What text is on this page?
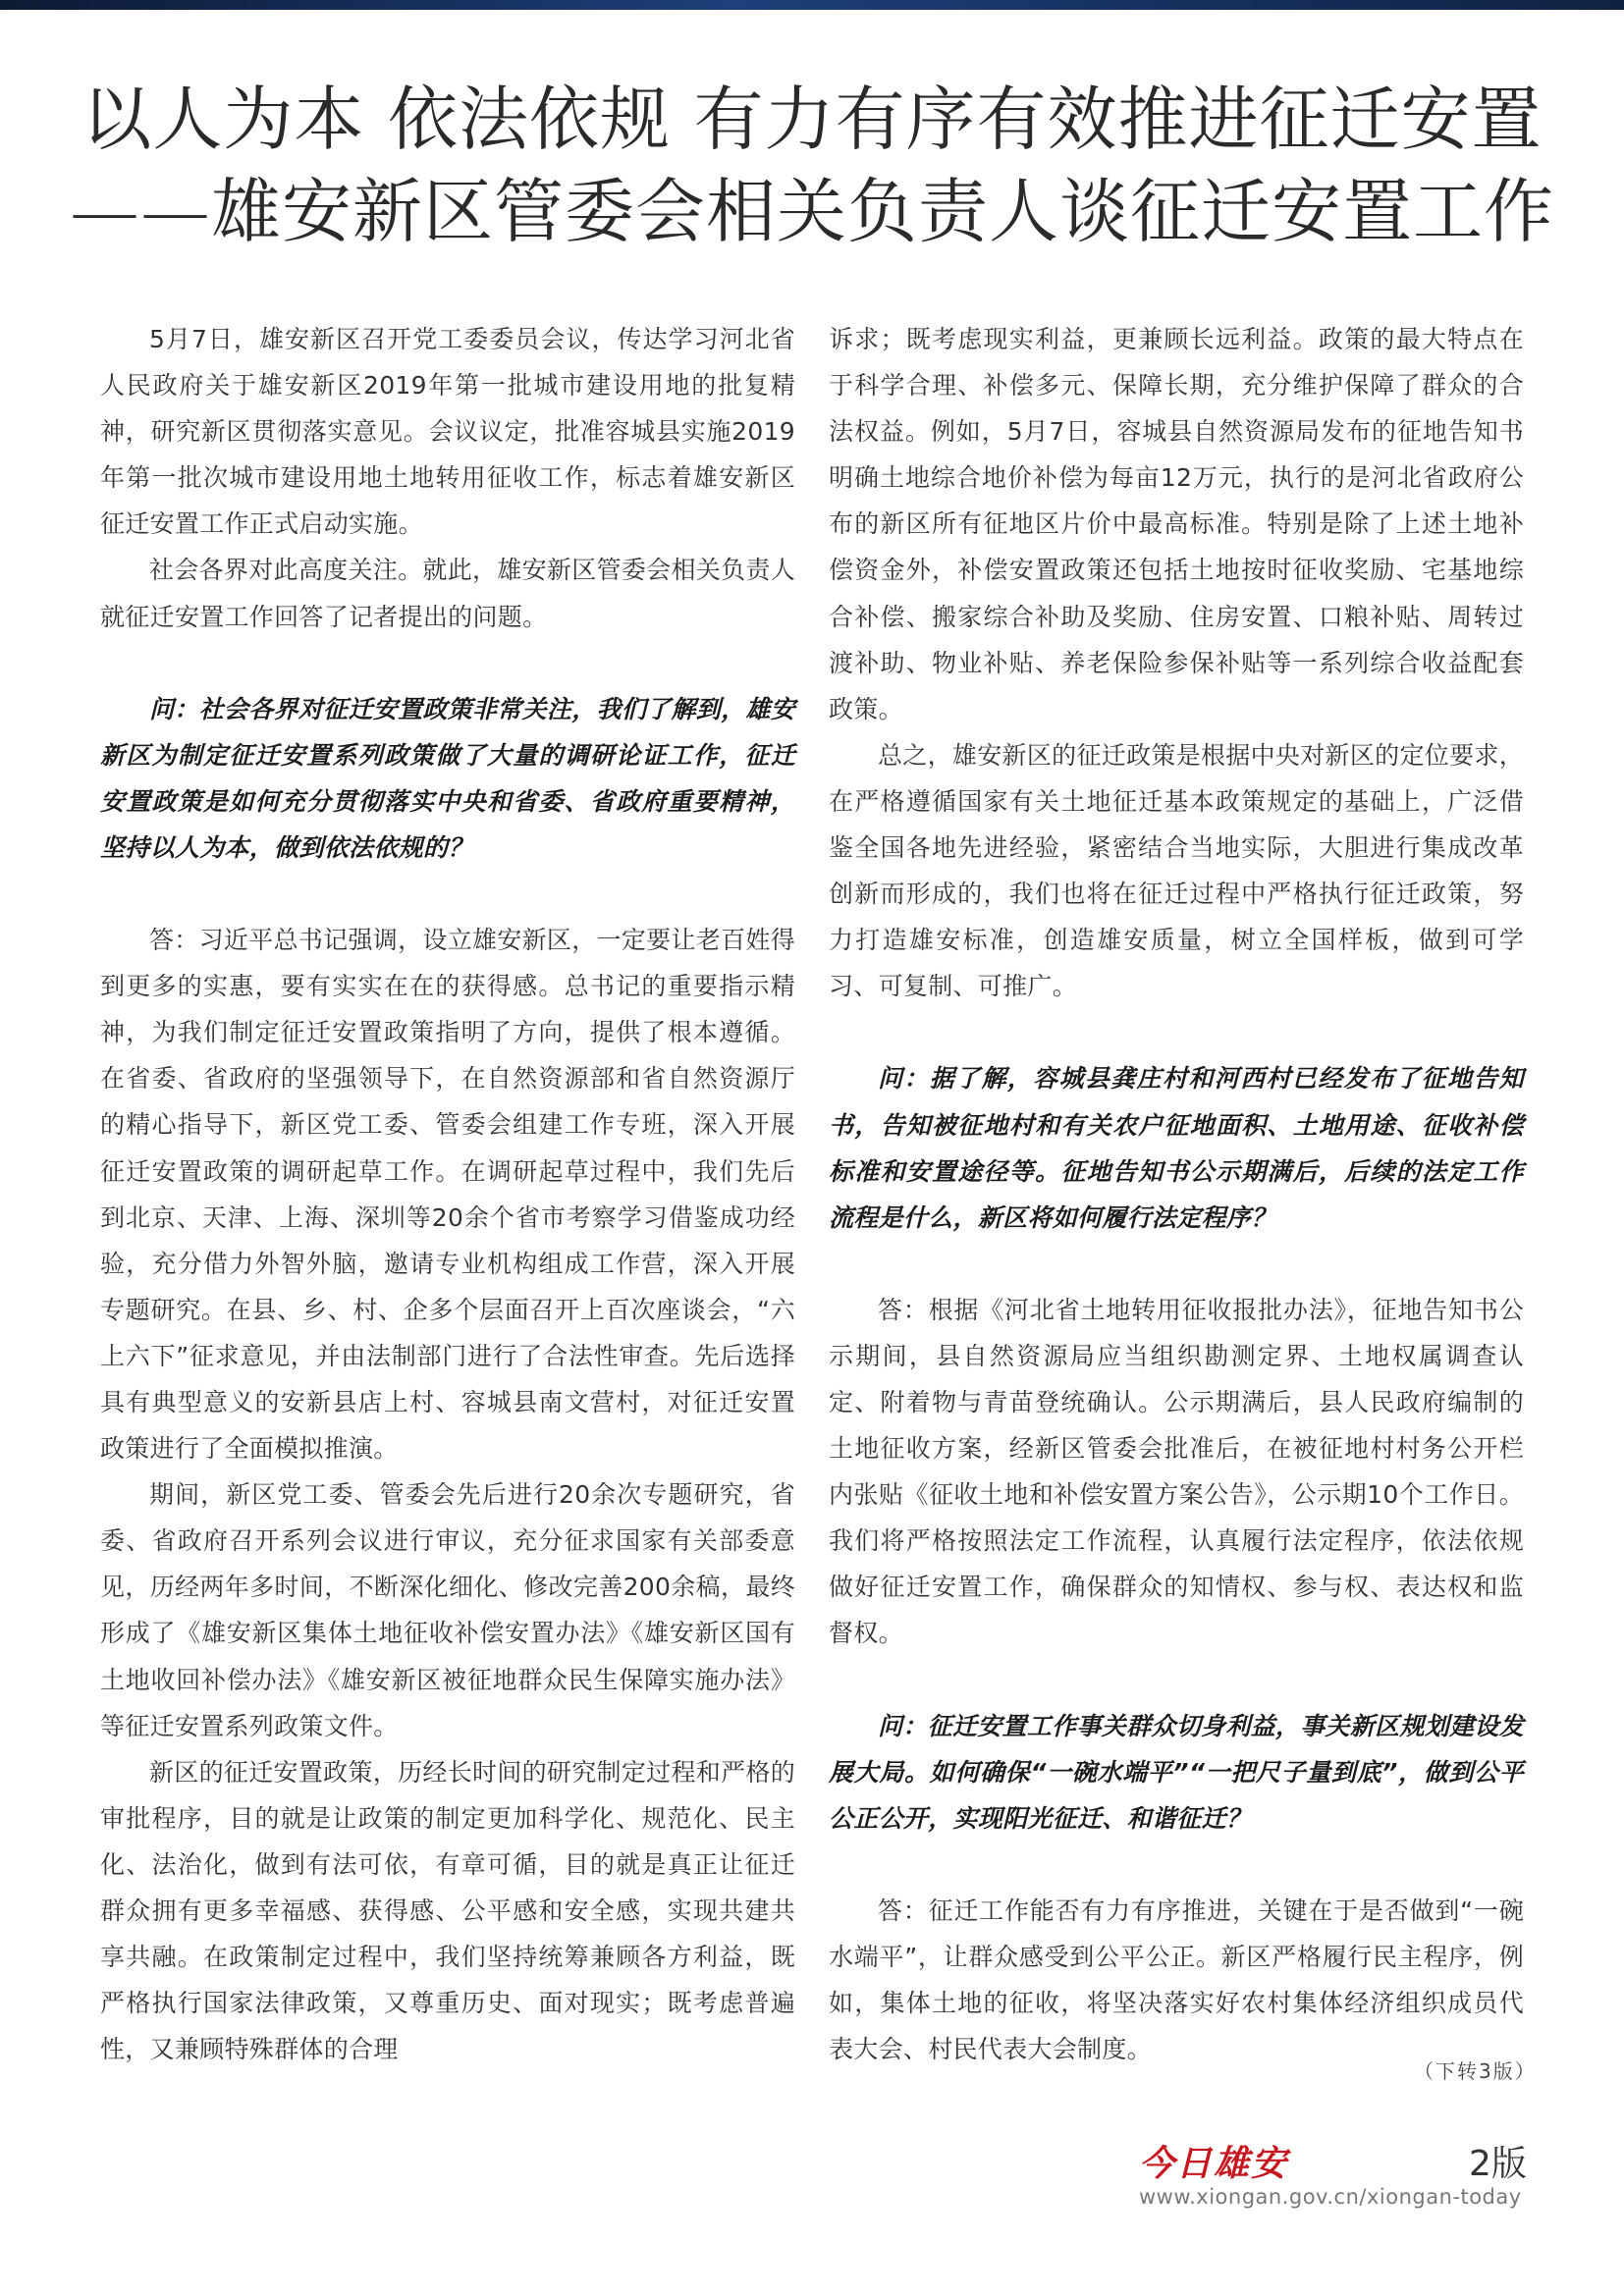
以人为本 依法依规 有力有序有效推进征迁安置
——雄安新区管委会相关负责人谈征迁安置工作

5月7日，雄安新区召开党工委委员会议，传达学习河北省人民政府关于雄安新区2019年第一批城市建设用地的批复精神，研究新区贯彻落实意见。会议议定，批准容城县实施2019年第一批次城市建设用地土地转用征收工作，标志着雄安新区征迁安置工作正式启动实施。

社会各界对此高度关注。就此，雄安新区管委会相关负责人就征迁安置工作回答了记者提出的问题。

问：社会各界对征迁安置政策非常关注，我们了解到，雄安新区为制定征迁安置系列政策做了大量的调研论证工作，征迁安置政策是如何充分贯彻落实中央和省委、省政府重要精神，坚持以人为本，做到依法依规的？

答：习近平总书记强调，设立雄安新区，一定要让老百姓得到更多的实惠，要有实实在在的获得感。总书记的重要指示精神，为我们制定征迁安置政策指明了方向，提供了根本遵循。在省委、省政府的坚强领导下，在自然资源部和省自然资源厅的精心指导下，新区党工委、管委会组建工作专班，深入开展征迁安置政策的调研起草工作。在调研起草过程中，我们先后到北京、天津、上海、深圳等20余个省市考察学习借鉴成功经验，充分借力外智外脑，邀请专业机构组成工作营，深入开展专题研究。在县、乡、村、企多个层面召开上百次座谈会，“六上六下”征求意见，并由法制部门进行了合法性审查。先后选择具有典型意义的安新县店上村、容城县南文营村，对征迁安置政策进行了全面模拟推演。

期间，新区党工委、管委会先后进行20余次专题研究，省委、省政府召开系列会议进行审议，充分征求国家有关部委意见，历经两年多时间，不断深化细化、修改完善200余稿，最终形成了《雄安新区集体土地征收补偿安置办法》《雄安新区国有土地收回补偿办法》《雄安新区被征地群众民生保障实施办法》等征迁安置系列政策文件。

新区的征迁安置政策，历经长时间的研究制定过程和严格的审批程序，目的就是让政策的制定更加科学化、规范化、民主化、法治化，做到有法可依，有章可循，目的就是真正让征迁群众拥有更多幸福感、获得感、公平感和安全感，实现共建共享共融。在政策制定过程中，我们坚持统筹兼顾各方利益，既严格执行国家法律政策，又尊重历史、面对现实；既考虑普遍性，又兼顾特殊群体的合理

诉求；既考虑现实利益，更兼顾长远利益。政策的最大特点在于科学合理、补偿多元、保障长期，充分维护保障了群众的合法权益。例如，5月7日，容城县自然资源局发布的征地告知书明确土地综合地价补偿为每亩12万元，执行的是河北省政府公布的新区所有征地区片价中最高标准。特别是除了上述土地补偿资金外，补偿安置政策还包括土地按时征收奖励、宅基地综合补偿、搬家综合补助及奖励、住房安置、口粮补贴、周转过渡补助、物业补贴、养老保险参保补贴等一系列综合收益配套政策。

总之，雄安新区的征迁政策是根据中央对新区的定位要求，在严格遵循国家有关土地征迁基本政策规定的基础上，广泛借鉴全国各地先进经验，紧密结合当地实际，大胆进行集成改革创新而形成的，我们也将在征迁过程中严格执行征迁政策，努力打造雄安标准，创造雄安质量，树立全国样板，做到可学习、可复制、可推广。

问：据了解，容城县龚庄村和河西村已经发布了征地告知书，告知被征地村和有关农户征地面积、土地用途、征收补偿标准和安置途径等。征地告知书公示期满后，后续的法定工作流程是什么，新区将如何履行法定程序？

答：根据《河北省土地转用征收报批办法》，征地告知书公示期间，县自然资源局应当组织勘测定界、土地权属调查认定、附着物与青苗登统确认。公示期满后，县人民政府编制的土地征收方案，经新区管委会批准后，在被征地村村务公开栏内张贴《征收土地和补偿安置方案公告》，公示期10个工作日。我们将严格按照法定工作流程，认真履行法定程序，依法依规做好征迁安置工作，确保群众的知情权、参与权、表达权和监督权。

问：征迁安置工作事关群众切身利益，事关新区规划建设发展大局。如何确保“一碗水端平”“一把尺子量到底”，做到公平公正公开，实现阳光征迁、和谐征迁？

答：征迁工作能否有力有序推进，关键在于是否做到“一碗水端平”，让群众感受到公平公正。新区严格履行民主程序，例如，集体土地的征收，将坚决落实好农村集体经济组织成员代表大会、村民代表大会制度。

（下转3版）
今日雄安	2版
www.xiongan.gov.cn/xiongan-today
